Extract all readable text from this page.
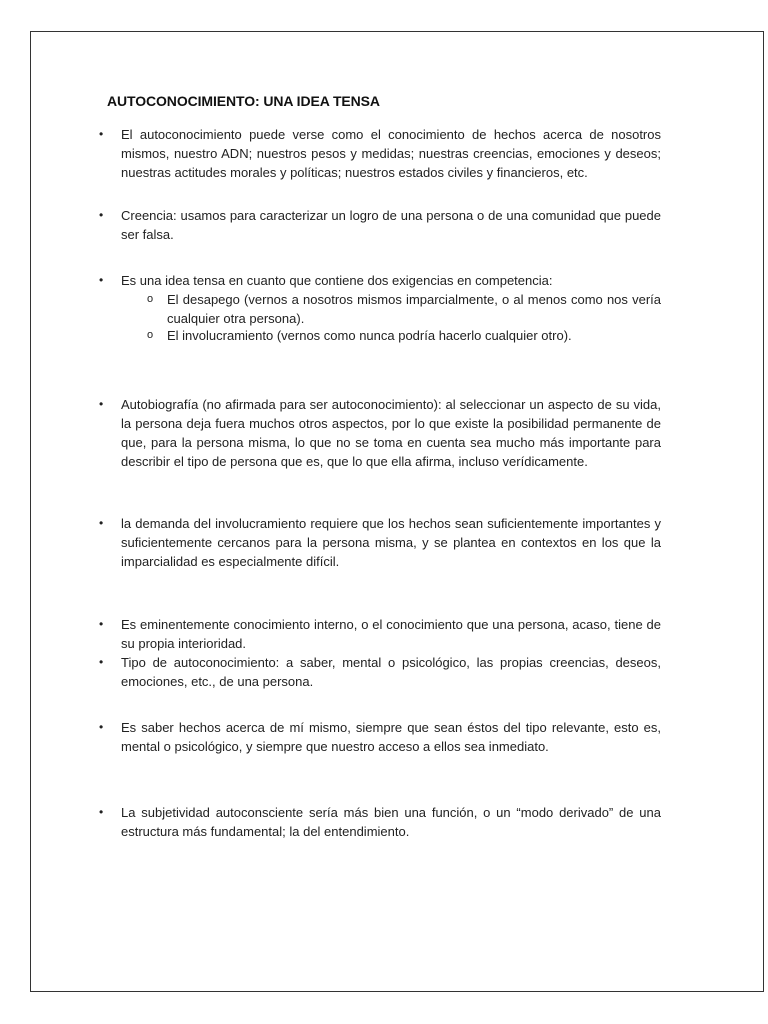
AUTOCONOCIMIENTO: UNA IDEA TENSA

•	El autoconocimiento puede verse como el conocimiento de hechos acerca de nosotros mismos, nuestro ADN; nuestros pesos y medidas; nuestras creencias, emociones y deseos; nuestras actitudes morales y políticas; nuestros estados civiles y financieros, etc.

•	Creencia: usamos para caracterizar un logro de una persona o de una comunidad que puede ser falsa.

•	Es una idea tensa en cuanto que contiene dos exigencias en competencia:

o El desapego (vernos a nosotros mismos imparcialmente, o al menos como nos vería cualquier otra persona).

o El involucramiento (vernos como nunca podría hacerlo cualquier otro).

•	Autobiografía (no afirmada para ser autoconocimiento): al seleccionar un aspecto de su vida, la persona deja fuera muchos otros aspectos, por lo que existe la posibilidad permanente de que, para la persona misma, lo que no se toma en cuenta sea mucho más importante para describir el tipo de persona que es, que lo que ella afirma, incluso verídicamente.

•	la demanda del involucramiento requiere que los hechos sean suficientemente importantes y suficientemente cercanos para la persona misma, y se plantea en contextos en los que la imparcialidad es especialmente difícil.

•	Es eminentemente conocimiento interno, o el conocimiento que una persona, acaso, tiene de su propia interioridad.

•	Tipo de autoconocimiento: a saber, mental o psicológico, las propias creencias, deseos, emociones, etc., de una persona.

•	Es saber hechos acerca de mí mismo, siempre que sean éstos del tipo relevante, esto es, mental o psicológico, y siempre que nuestro acceso a ellos sea inmediato.

•	La subjetividad autoconsciente sería más bien una función, o un “modo derivado” de una estructura más fundamental; la del entendimiento.
